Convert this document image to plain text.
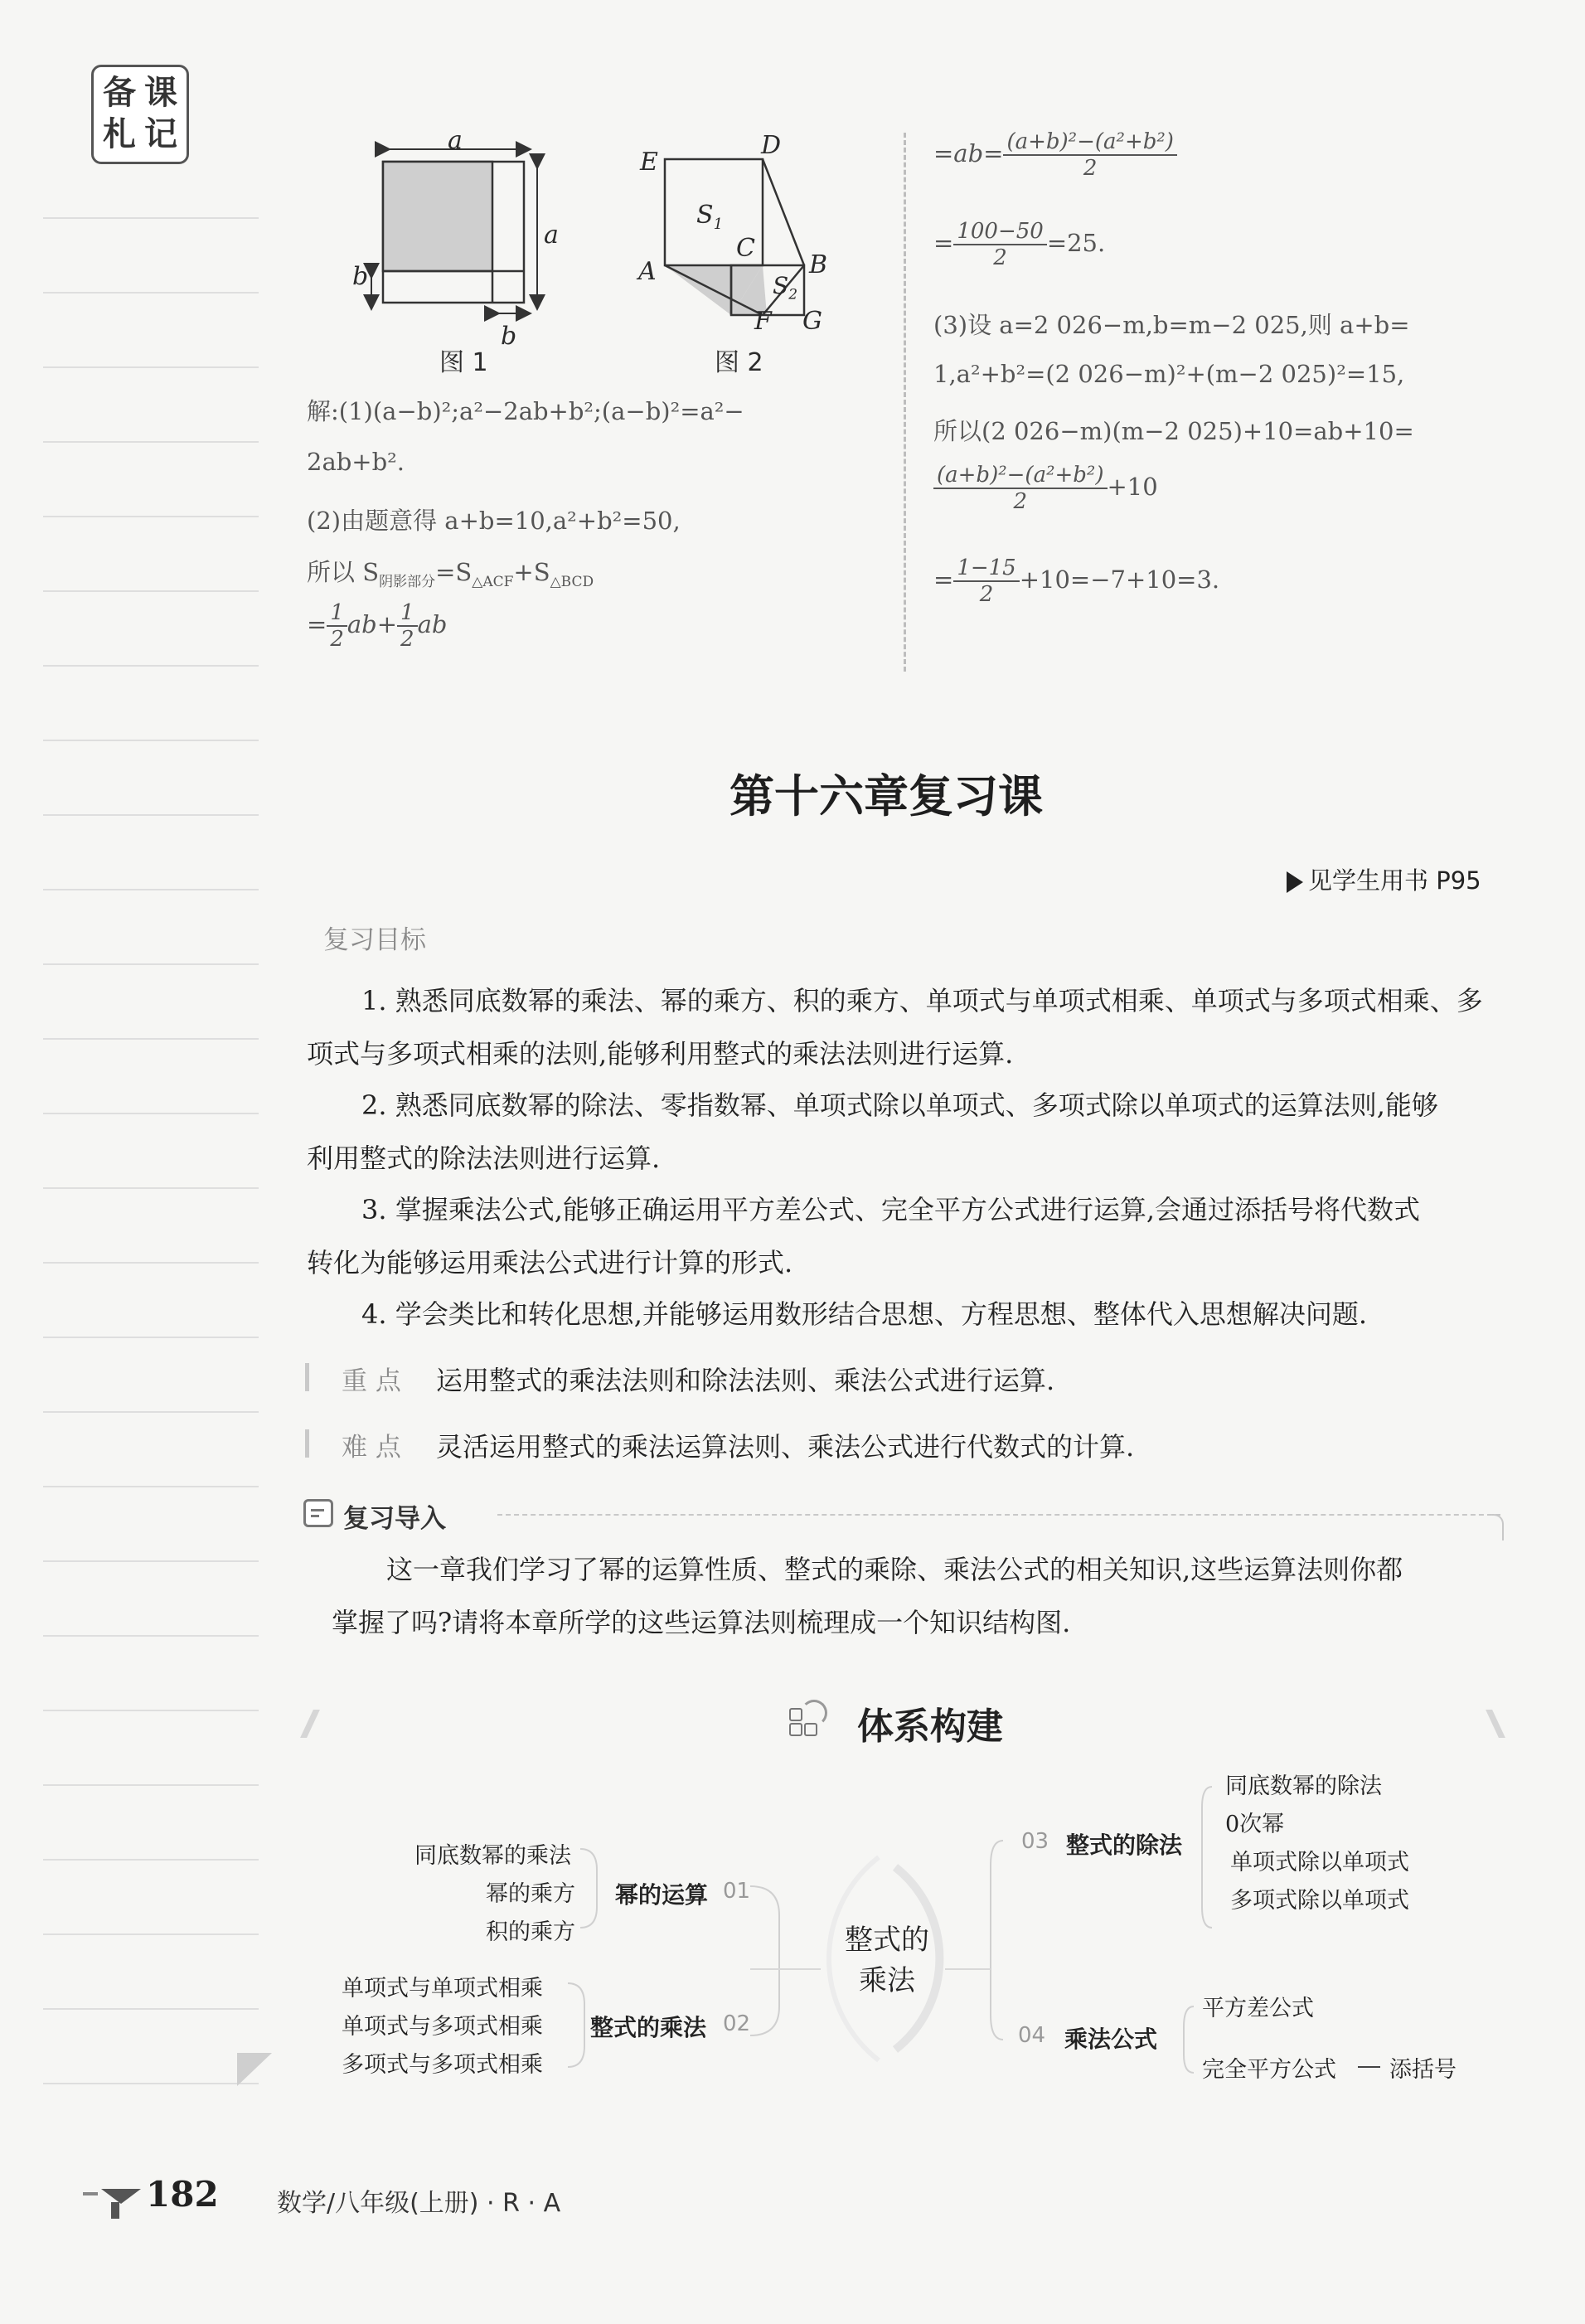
备 课
札 记	a
a
b
b
图 1
E
D
A
C
B
F G
$S_1$
$S_2$
图 2
解:(1)(a−b)²;a²−2ab+b²;(a−b)²=a²−
2ab+b².
(2)由题意得 a+b=10,a²+b²=50,
所以 $S_{阴影部分}=S_{\triangle ACF}+S_{\triangle BCD}$
= $\frac{1}{2} ab+ \frac{1}{2}$ ab
$=ab= \frac{\text{(a+b)²−(a²+b²)}}{2}$
= $\frac{100-50}{2} =25$.
(3)设 a=2 026−m,b=m−2 025,则 a+b=
1,a²+b²=(2 026−m)²+(m−2 025)²=15,
所以(2 026−m)(m−2 025)+10=ab+10=
$\frac{\text{(a+b)²−(a²+b²)}}{2} +10$
= $\frac{1-15}{2} +10=-7+10=3$.
第十六章复习课
见学生用书 P95
复习目标
1. 熟悉同底数幂的乘法、幂的乘方、积的乘方、单项式与单项式相乘、单项式与多项式相乘、多
项式与多项式相乘的法则,能够利用整式的乘法法则进行运算.
2. 熟悉同底数幂的除法、零指数幂、单项式除以单项式、多项式除以单项式的运算法则,能够
利用整式的除法法则进行运算.
3. 掌握乘法公式,能够正确运用平方差公式、完全平方公式进行运算,会通过添括号将代数式
转化为能够运用乘法公式进行计算的形式.
4. 学会类比和转化思想,并能够运用数形结合思想、方程思想、整体代入思想解决问题.
重 点 运用整式的乘法法则和除法法则、乘法公式进行运算.
难 点 灵活运用整式的乘法运算法则、乘法公式进行代数式的计算.
复习导入
这一章我们学习了幂的运算性质、整式的乘除、乘法公式的相关知识,这些运算法则你都
掌握了吗?请将本章所学的这些运算法则梳理成一个知识结构图.
体系构建
整式的
乘法
同底数幂的乘法
幂的乘方
积的乘方
幂的运算 01
单项式与单项式相乘
单项式与多项式相乘
多项式与多项式相乘
整式的乘法 02
03 整式的除法
同底数幂的除法
0次幂
单项式除以单项式
多项式除以单项式
04 乘法公式
平方差公式
完全平方公式 添括号
182 数学/八年级(上册) · R · A
